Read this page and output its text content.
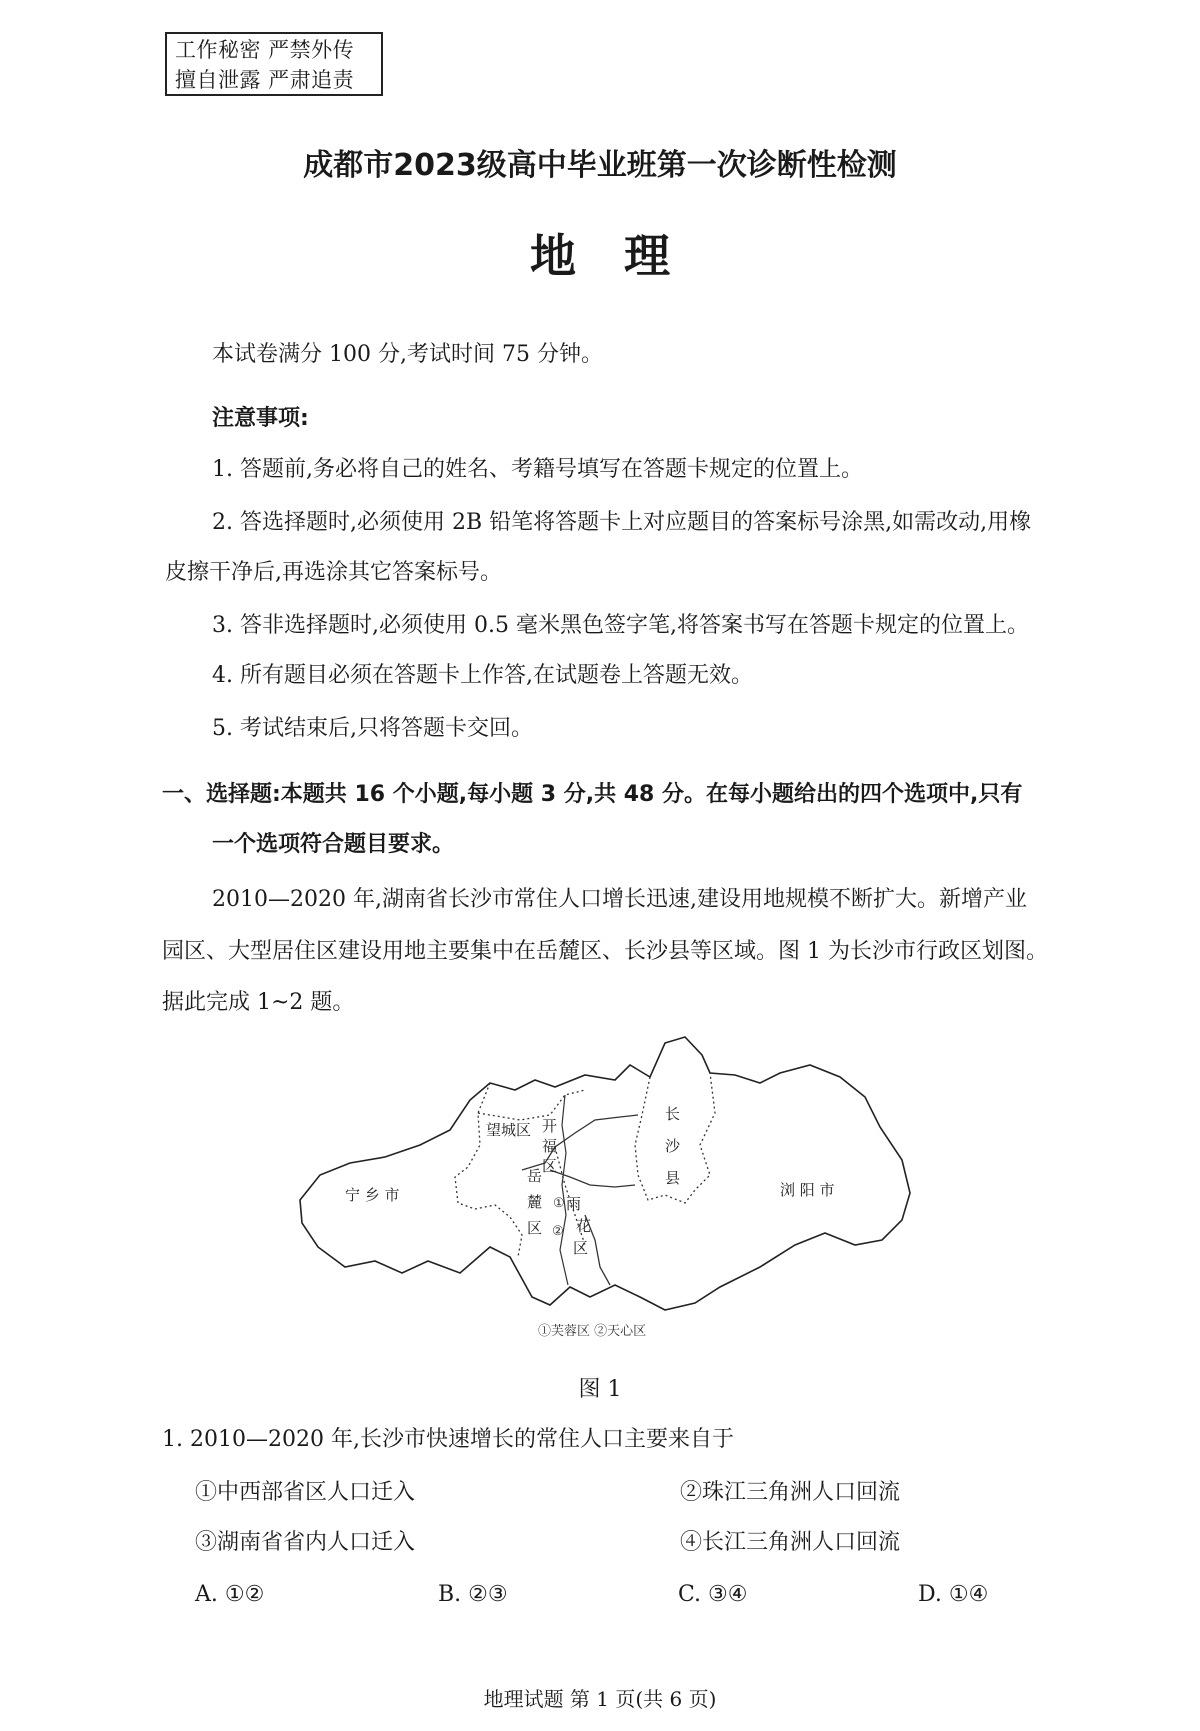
工作秘密 严禁外传
擅自泄露 严肃追责
成都市2023级高中毕业班第一次诊断性检测
地理
本试卷满分 100 分,考试时间 75 分钟。
注意事项:
1. 答题前,务必将自己的姓名、考籍号填写在答题卡规定的位置上。
2. 答选择题时,必须使用 2B 铅笔将答题卡上对应题目的答案标号涂黑,如需改动,用橡
皮擦干净后,再选涂其它答案标号。
3. 答非选择题时,必须使用 0.5 毫米黑色签字笔,将答案书写在答题卡规定的位置上。
4. 所有题目必须在答题卡上作答,在试题卷上答题无效。
5. 考试结束后,只将答题卡交回。
一、选择题:本题共 16 个小题,每小题 3 分,共 48 分。在每小题给出的四个选项中,只有
一个选项符合题目要求。
2010—2020 年,湖南省长沙市常住人口增长迅速,建设用地规模不断扩大。新增产业
园区、大型居住区建设用地主要集中在岳麓区、长沙县等区域。图 1 为长沙市行政区划图。
据此完成 1~2 题。
宁 乡 市
望城区 开
福
区
岳
麓
区
雨
花
区
长
沙
县
浏 阳 市
①
②
①芙蓉区 ②天心区
图 1
1. 2010—2020 年,长沙市快速增长的常住人口主要来自于
①中西部省区人口迁入	②珠江三角洲人口回流
③湖南省省内人口迁入	④长江三角洲人口回流
A. ①②	B. ②③	C. ③④	D. ①④
地理试题 第 1 页(共 6 页)
